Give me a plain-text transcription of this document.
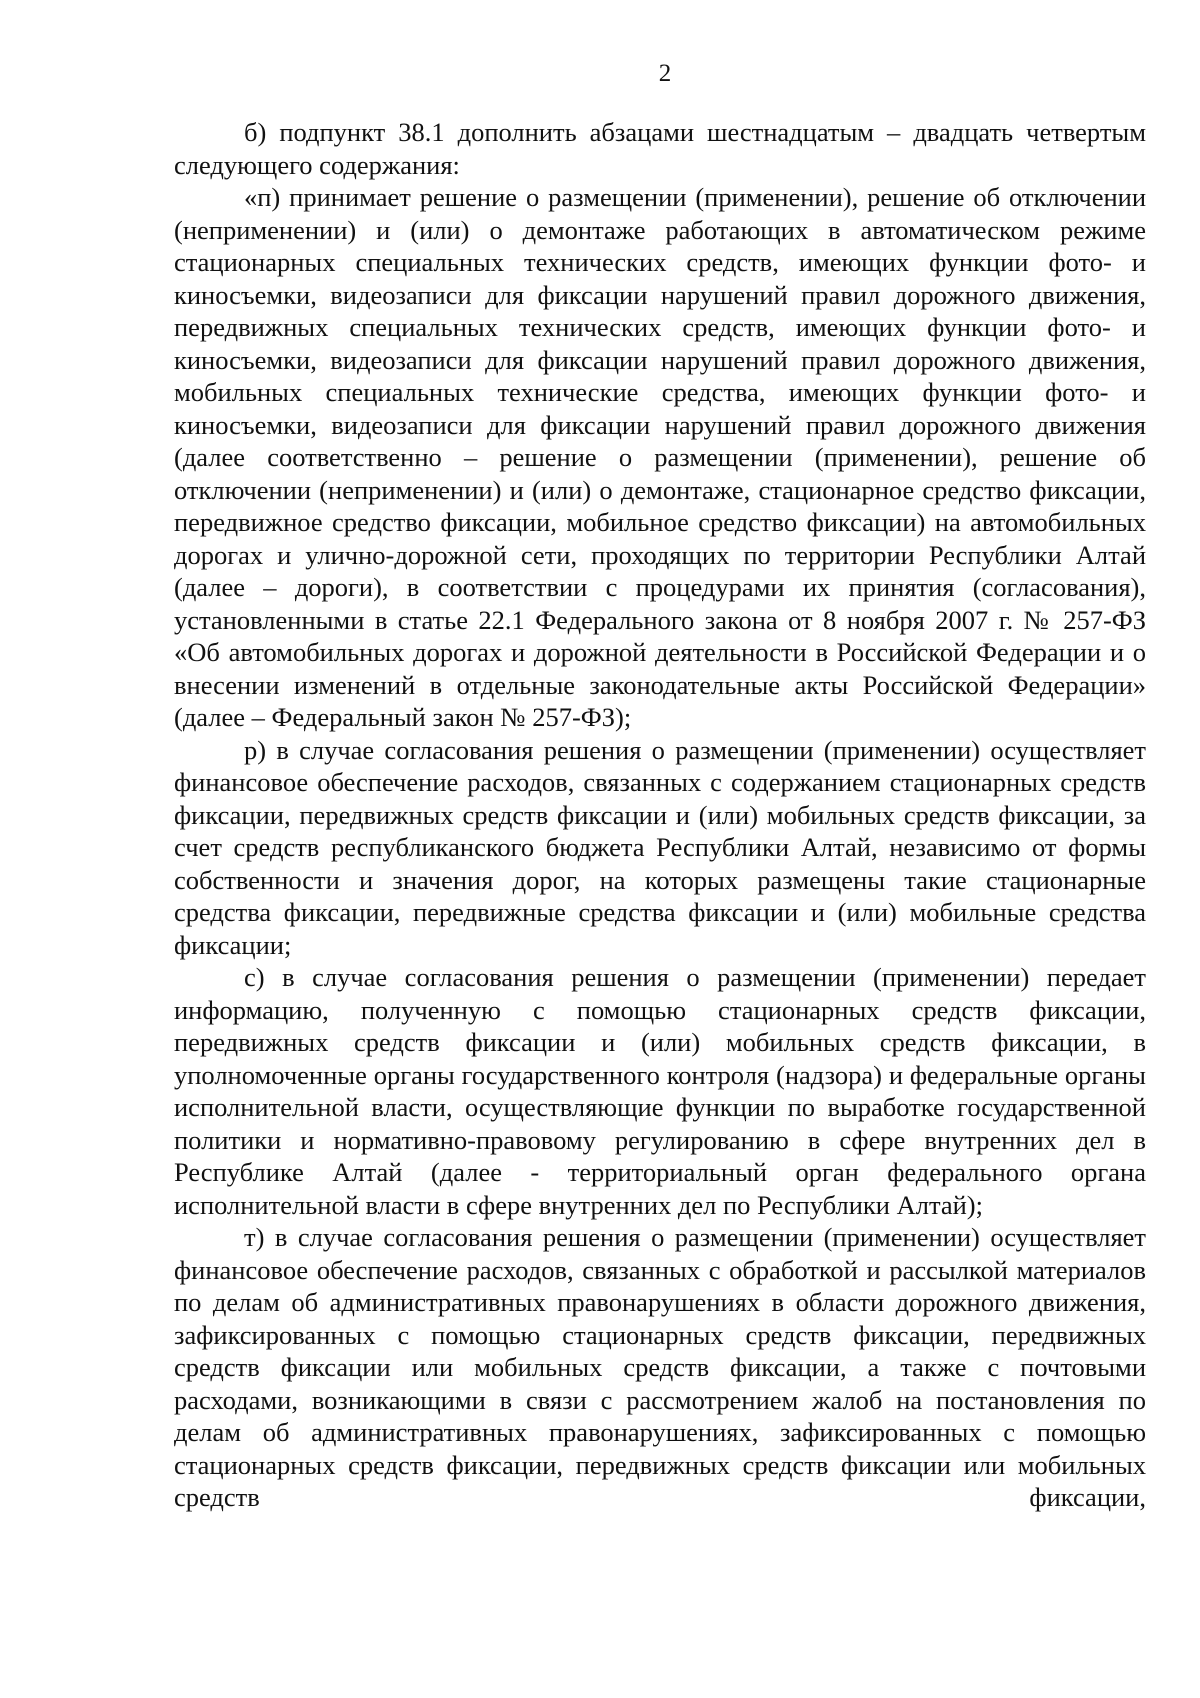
2

б) подпункт 38.1 дополнить абзацами шестнадцатым – двадцать четвертым следующего содержания:

«п) принимает решение о размещении (применении), решение об отключении (неприменении) и (или) о демонтаже работающих в автоматическом режиме стационарных специальных технических средств, имеющих функции фото- и киносъемки, видеозаписи для фиксации нарушений правил дорожного движения, передвижных специальных технических средств, имеющих функции фото- и киносъемки, видеозаписи для фиксации нарушений правил дорожного движения, мобильных специальных технические средства, имеющих функции фото- и киносъемки, видеозаписи для фиксации нарушений правил дорожного движения (далее соответственно – решение о размещении (применении), решение об отключении (неприменении) и (или) о демонтаже, стационарное средство фиксации, передвижное средство фиксации, мобильное средство фиксации) на автомобильных дорогах и улично-дорожной сети, проходящих по территории Республики Алтай (далее – дороги), в соответствии с процедурами их принятия (согласования), установленными в статье 22.1 Федерального закона от 8 ноября 2007 г. № 257-ФЗ «Об автомобильных дорогах и дорожной деятельности в Российской Федерации и о внесении изменений в отдельные законодательные акты Российской Федерации» (далее – Федеральный закон № 257-ФЗ);

р) в случае согласования решения о размещении (применении) осуществляет финансовое обеспечение расходов, связанных с содержанием стационарных средств фиксации, передвижных средств фиксации и (или) мобильных средств фиксации, за счет средств республиканского бюджета Республики Алтай, независимо от формы собственности и значения дорог, на которых размещены такие стационарные средства фиксации, передвижные средства фиксации и (или) мобильные средства фиксации;

с) в случае согласования решения о размещении (применении) передает информацию, полученную с помощью стационарных средств фиксации, передвижных средств фиксации и (или) мобильных средств фиксации, в уполномоченные органы государственного контроля (надзора) и федеральные органы исполнительной власти, осуществляющие функции по выработке государственной политики и нормативно-правовому регулированию в сфере внутренних дел в Республике Алтай (далее - территориальный орган федерального органа исполнительной власти в сфере внутренних дел по Республики Алтай);

т) в случае согласования решения о размещении (применении) осуществляет финансовое обеспечение расходов, связанных с обработкой и рассылкой материалов по делам об административных правонарушениях в области дорожного движения, зафиксированных с помощью стационарных средств фиксации, передвижных средств фиксации или мобильных средств фиксации, а также с почтовыми расходами, возникающими в связи с рассмотрением жалоб на постановления по делам об административных правонарушениях, зафиксированных с помощью стационарных средств фиксации, передвижных средств фиксации или мобильных средств фиксации,
